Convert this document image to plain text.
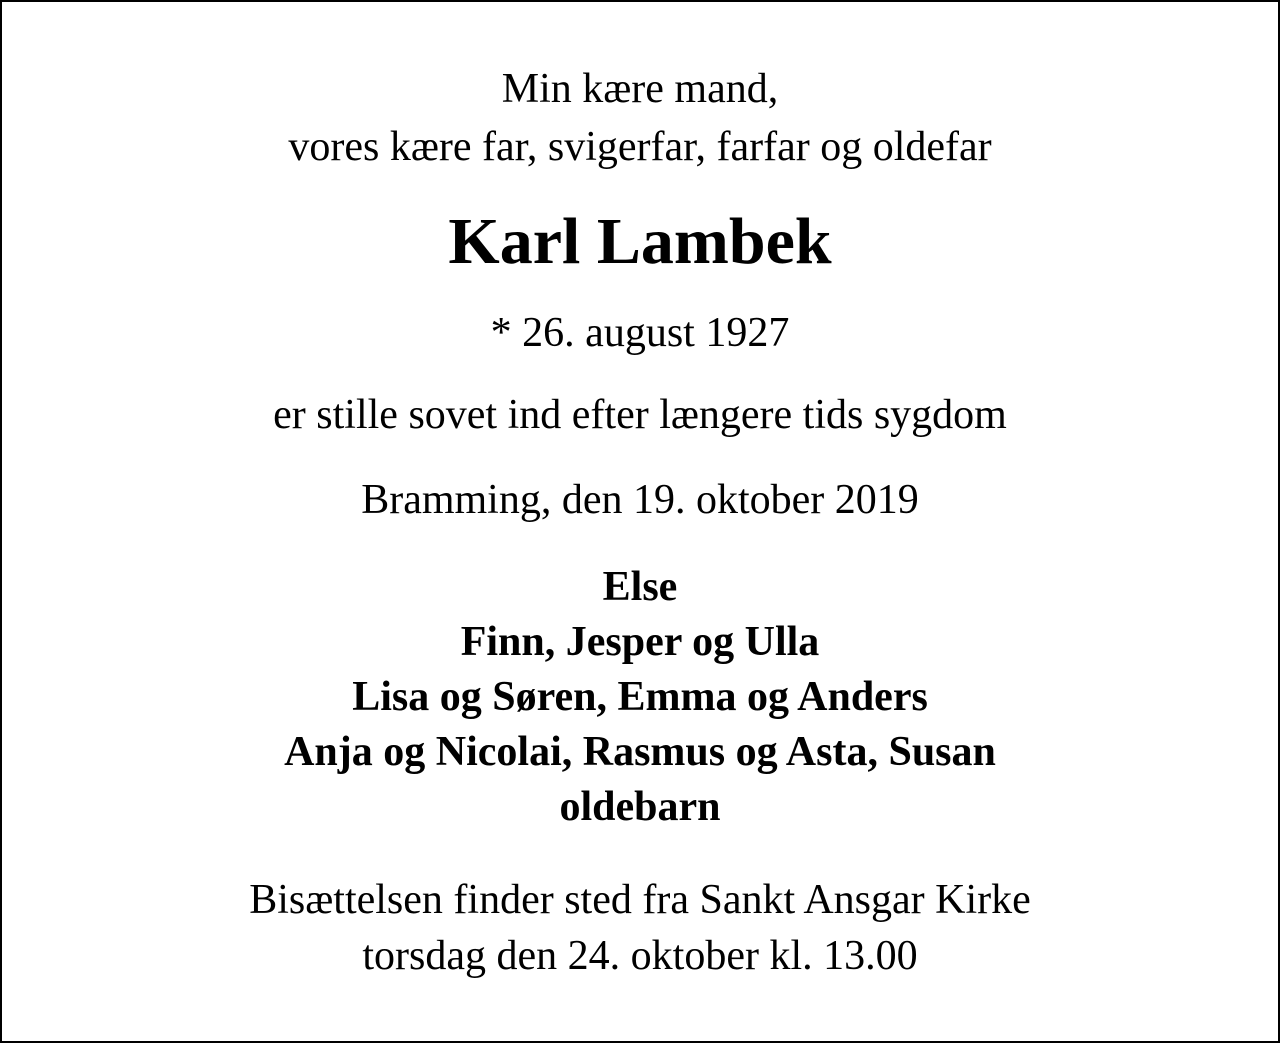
Min kære mand,
vores kære far, svigerfar, farfar og oldefar
Karl Lambek
* 26. august 1927
er stille sovet ind efter længere tids sygdom
Bramming, den 19. oktober 2019
Else
Finn, Jesper og Ulla
Lisa og Søren, Emma og Anders
Anja og Nicolai, Rasmus og Asta, Susan
oldebarn
Bisættelsen finder sted fra Sankt Ansgar Kirke
torsdag den 24. oktober kl. 13.00
